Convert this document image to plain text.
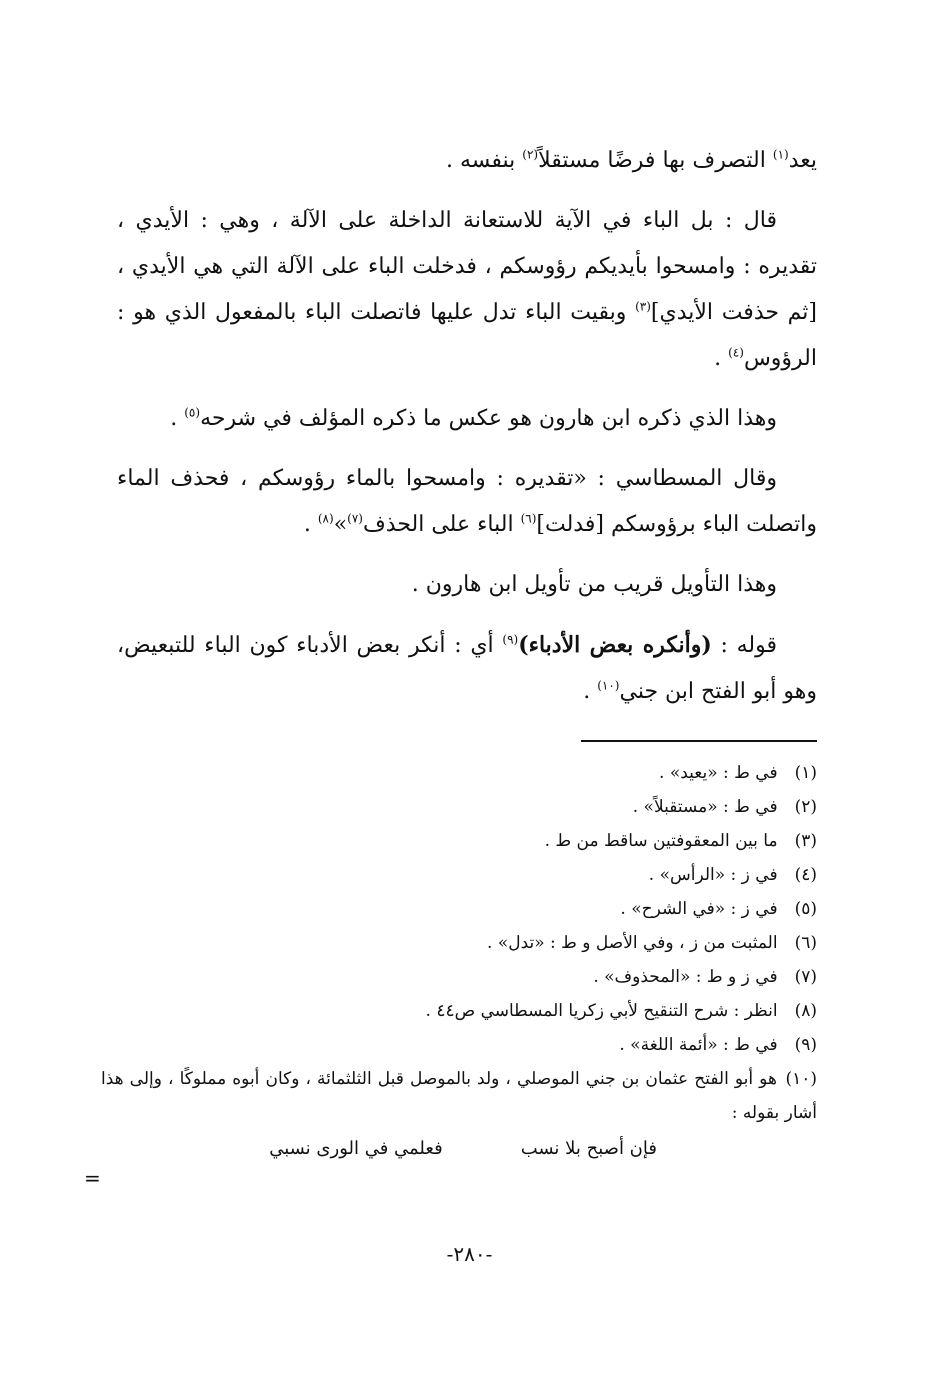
يعد$^{(١)}$ التصرف بها فرضًا مستقلاً$^{(٢)}$ بنفسه .

قال : بل الباء في الآية للاستعانة الداخلة على الآلة ، وهي : الأيدي ، تقديره : وامسحوا بأيديكم رؤوسكم ، فدخلت الباء على الآلة التي هي الأيدي ، [ثم حذفت الأيدي]$^{(٣)}$ وبقيت الباء تدل عليها فاتصلت الباء بالمفعول الذي هو : الرؤوس$^{(٤)}$ .

وهذا الذي ذكره ابن هارون هو عكس ما ذكره المؤلف في شرحه$^{(٥)}$ .

وقال المسطاسي : «تقديره : وامسحوا بالماء رؤوسكم ، فحذف الماء واتصلت الباء برؤوسكم [فدلت]$^{(٦)}$ الباء على الحذف$^{(٧)}$»$^{(٨)}$ .

وهذا التأويل قريب من تأويل ابن هارون .

قوله : (وأنكره بعض الأدباء)$^{(٩)}$ أي : أنكر بعض الأدباء كون الباء للتبعيض، وهو أبو الفتح ابن جني$^{(١٠)}$ .

(١) في ط : «يعيد» .
(٢) في ط : «مستقبلاً» .
(٣) ما بين المعقوفتين ساقط من ط .
(٤) في ز : «الرأس» .
(٥) في ز : «في الشرح» .
(٦) المثبت من ز ، وفي الأصل و ط : «تدل» .
(٧) في ز و ط : «المحذوف» .
(٨) انظر : شرح التنقيح لأبي زكريا المسطاسي ص٤٤ .
(٩) في ط : «أئمة اللغة» .
(١٠) هو أبو الفتح عثمان بن جني الموصلي ، ولد بالموصل قبل الثلثمائة ، وكان أبوه مملوكًا ، وإلى هذا أشار بقوله :
فإن أصبح بلا نسب
فعلمي في الورى نسبي
=
-٢٨٠-
